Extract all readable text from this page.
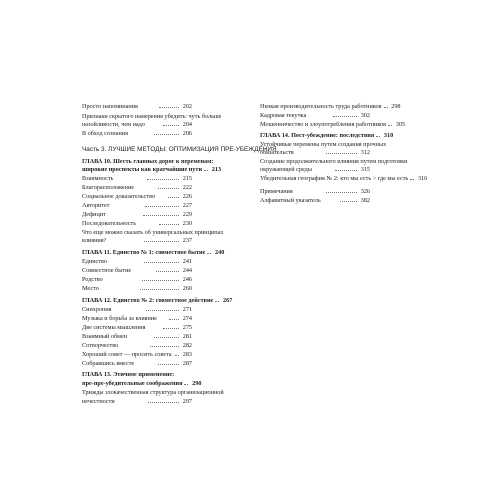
Просто напоминания	202
Признаки скрытого намерения убедить: чуть больше
назойливости, чем надо	204
В обход сознания	206
Часть 3. ЛУЧШИЕ МЕТОДЫ: ОПТИМИЗАЦИЯ ПРЕ-УБЕЖДЕНИЯ
ГЛАВА 10. Шесть главных дорог к переменам:
широкие проспекты как кратчайшие пути 213
Взаимность	215
Благорасположение	222
Социальное доказательство	226
Авторитет	227
Дефицит	229
Последовательность	230
Что еще можно сказать об универсальных принципах
влияния?	237
ГЛАВА 11. Единство № 1: совместное бытие 240
Единство	241
Совместное бытие	244
Родство	246
Место	260
ГЛАВА 12. Единство № 2: совместное действие 267
Синхрония	271
Музыка и борьба за влияние	274
Две системы мышления	275
Взаимный обмен	281
Сотворчество	282
Хороший совет — просить совета 283
Собравшись вместе	287
ГЛАВА 13. Этичное применение:
пре-пре-убедительные соображения 290
Трижды злокачественная структура организационной
нечестности	297
Низкая производительность труда работников 298
Кадровая текучка	302
Мошенничество и злоупотребления работников 305
ГЛАВА 14. Пост-убеждение: последствия 310
Устойчивые перемены путем создания прочных
обязательств	312
Создание продолжительного влияния путем подготовки
окружающей среды	315
Убедительная география № 2: кто мы есть > где мы есть 316
Примечания	326
Алфавитный указатель	382
